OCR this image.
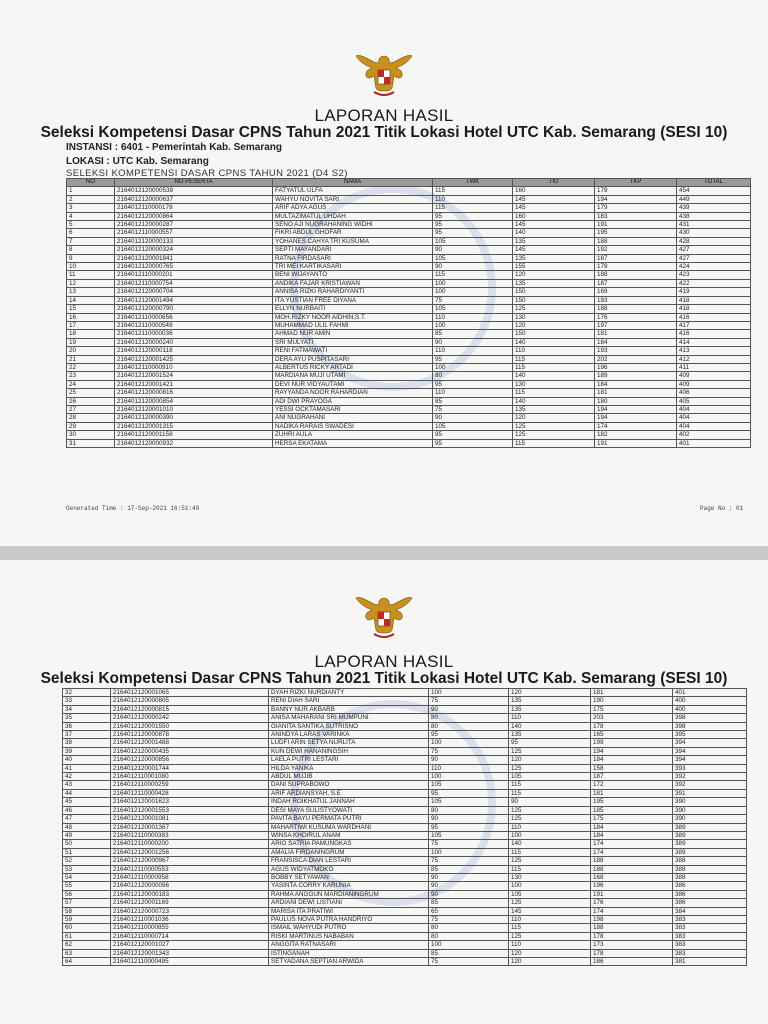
LAPORAN HASIL
Seleksi Kompetensi Dasar CPNS Tahun 2021 Titik Lokasi Hotel UTC Kab. Semarang (SESI 10)
INSTANSI : 6401 - Pemerintah Kab. Semarang
LOKASI : UTC Kab. Semarang
SELEKSI KOMPETENSI DASAR CPNS TAHUN 2021 (D4 S2)
NO	NO PESERTA	NAMA	TWK	TIU	TKP	TOTAL
1	2164012120000539	FATYATUL ULFA	115	160	179	454
2	2164012120000637	WAHYU NOVITA SARI	110	145	194	449
3	2164012110000178	ARIF ADYA AGUS	115	145	179	439
4	2164012120000864	MULTAZIMATUL UHDAH	95	160	183	438
5	2164012120000287	SENO AJI NUGRAHANING WIDHI	95	145	191	431
6	2164012110000557	FIKRI ABDUL GHOFAR	95	140	195	430
7	2164012120000133	YOHANES CAHYA TRI KUSUMA	105	135	188	428
8	2164012120000324	SEPTI MAYANDARI	90	145	192	427
9	2164012120001841	RATNA FIRDASARI	105	135	187	427
10	2164012120000765	TRI MEI KARTIKASARI	90	155	179	424
11	2164012110000201	BENI WIJAYANTO	115	120	188	423
12	2164012110000754	ANDIKA FAJAR KRISTIAWAN	100	135	187	422
13	2164012120000704	ANNISA RIZKI RAHARDIYANTI	100	150	169	419
14	2164012120001494	ITA YUSTIAN FREE DIYANA	75	150	193	418
15	2164012120000790	ELLYN NURBAITI	105	125	188	418
16	2164012110000656	MOH.RIZKY NOOR AIDHIN,S.T.	110	130	176	416
17	2164012110000549	MUHAMMAD ULIL FAHMI	100	120	197	417
18	2164012110000036	AHMAD NUR AMIN	85	150	181	416
19	2164012120000240	SRI MULYATI	90	140	184	414
20	2164012120000118	RENI FATMAWATI	110	110	193	413
21	2164012120001425	DERA AYU PUSPITASARI	95	115	202	412
22	2164012110000910	ALBERTUS RICKY ARTADI	100	115	196	411
23	2164012120001524	MARDIANA MUJI UTAMI	80	140	189	409
24	2164012120001421	DEVI NUR VIDYAUTAMI	95	130	184	409
25	2164012120000816	RAYYANDA NOOR RAHARDIAN	110	115	181	406
26	2164012120000854	ADI DWI PRAYOGA	85	140	180	405
27	2164012120001010	YESSI OCKTAMASARI	75	135	194	404
28	2164012120000390	ANI NUGRAHANI	90	120	194	404
29	2164012120001315	NADIKA RARAIS SWADESI	105	125	174	404
30	2164012120001158	ZUHRI AULA	95	125	182	402
31	2164012120000932	HERSA EKATAMA	95	115	191	401
Generated Time : 17-Sep-2021 16:51:49	Page No : 01
LAPORAN HASIL
Seleksi Kompetensi Dasar CPNS Tahun 2021 Titik Lokasi Hotel UTC Kab. Semarang (SESI 10)
32	2164012120001065	DYAH RIZKI NURDIANTY	100	120	181	401
33	2164012120000805	RENI DIAH SARI	75	135	190	400
34	2164012120000815	BANNY NUR AKBARB	90	135	175	400
35	2164012120000242	ANISA MAHARANI SRI MUMPUNI	80	110	203	398
36	2164012120001550	GIANITA SANTIKA SUTRISNO	80	140	178	398
37	2164012120000878	ANINDYA LARAS VARINKA	95	135	165	395
38	2164012120001488	LUDFI ARIN SETYA NURLITA	100	95	199	394
39	2164012120000435	KUN DEWI HANANINGSIH	75	125	194	394
40	2164012120000856	LAELA PUTRI LESTARI	90	120	184	394
41	2164012120001744	HILDA YANIKA	110	125	158	393
42	2164012110001080	ABDUL MUJIB	100	105	187	392
43	2164012110000259	DANI SUPRABOWO	105	115	172	392
44	2164012110000428	ARIF ARDIANSYAH, S.E	95	115	181	391
45	2164012120001623	INDAH ROIKHATUL JANNAH	105	90	195	390
46	2164012120001553	DESI MAYA SULISTYOWATI	80	125	185	390
47	2164012120001081	PAVITA BAYU PERMATA PUTRI	90	125	175	390
48	2164012120001367	MAHARTIWI KUSUMA WARDHANI	95	110	184	389
49	2164012110000383	WINSA KHOIRUL ANAM	105	100	184	389
50	2164012110000200	ARIO SATRIA PAMUNGKAS	75	140	174	389
51	2164012120001256	AMALIA FIRDANINGRUM	100	115	174	389
52	2164012120000967	FRANSISCA DIAN LESTARI	75	125	188	388
53	2164012110000553	AGUS WIDYATMOKO	85	115	188	388
54	2164012110000958	BOBBY SETYAWAN	90	130	168	388
55	2164012120000096	YASINTA CORRY KARUNIA	90	100	196	386
56	2164012120000183	RAHMA ANGGUN MARDIANINGRUM	90	105	191	386
57	2164012120001169	ARDIANI DEWI LISTIANI	85	125	176	386
58	2164012120000723	MARISA ITA PRATIWI	65	145	174	384
59	2164012110001036	PAULUS NOVA PUTRA HANDRIYO	75	110	198	383
60	2164012110000855	ISMAIL WAHYUDI PUTRO	80	115	188	383
61	2164012110000714	RISKI MARTINUS NABABAN	80	125	178	383
62	2164012120001027	ANGGITA RATNASARI	100	110	173	383
63	2164012120001343	ISTINGANAH	85	120	178	383
64	2164012110000495	SETYADANA SEPTIAN ARWIDA	75	120	186	381
